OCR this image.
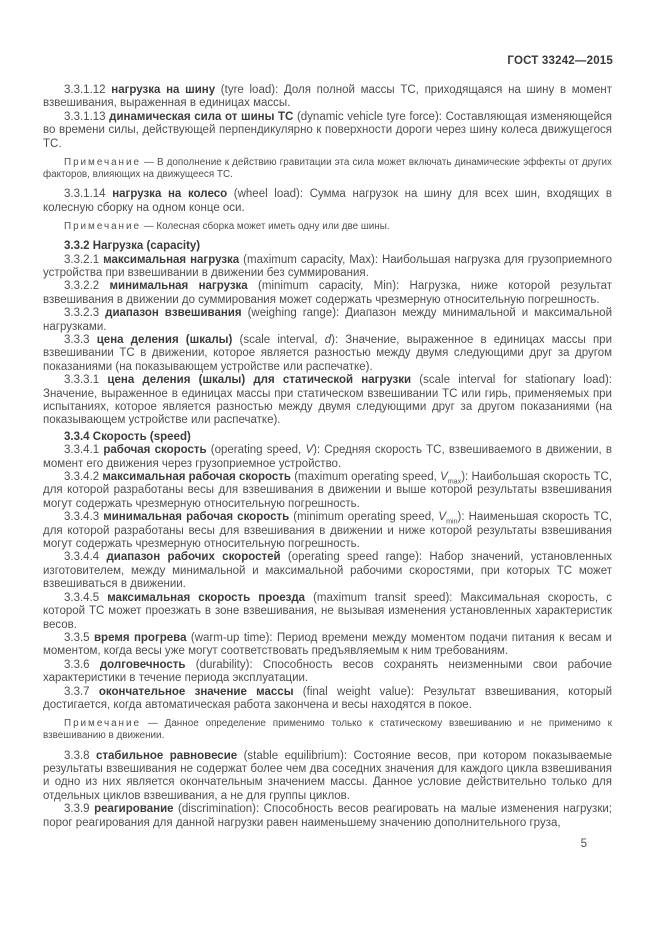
ГОСТ 33242—2015

3.3.1.12 нагрузка на шину (tyre load): Доля полной массы ТС, приходящаяся на шину в момент взвешивания, выраженная в единицах массы.

3.3.1.13 динамическая сила от шины ТС (dynamic vehicle tyre force): Составляющая изменяющейся во времени силы, действующей перпендикулярно к поверхности дороги через шину колеса движущегося ТС.

Примечание — В дополнение к действию гравитации эта сила может включать динамические эффекты от других факторов, влияющих на движущееся ТС.

3.3.1.14 нагрузка на колесо (wheel load): Сумма нагрузок на шину для всех шин, входящих в колесную сборку на одном конце оси.

Примечание — Колесная сборка может иметь одну или две шины.

3.3.2 Нагрузка (capacity)

3.3.2.1 максимальная нагрузка (maximum capacity, Max): Наибольшая нагрузка для грузоприемного устройства при взвешивании в движении без суммирования.

3.3.2.2 минимальная нагрузка (minimum capacity, Min): Нагрузка, ниже которой результат взвешивания в движении до суммирования может содержать чрезмерную относительную погрешность.

3.3.2.3 диапазон взвешивания (weighing range): Диапазон между минимальной и максимальной нагрузками.

3.3.3 цена деления (шкалы) (scale interval, d): Значение, выраженное в единицах массы при взвешивании ТС в движении, которое является разностью между двумя следующими друг за другом показаниями (на показывающем устройстве или распечатке).

3.3.3.1 цена деления (шкалы) для статической нагрузки (scale interval for stationary load): Значение, выраженное в единицах массы при статическом взвешивании ТС или гирь, применяемых при испытаниях, которое является разностью между двумя следующими друг за другом показаниями (на показывающем устройстве или распечатке).

3.3.4 Скорость (speed)

3.3.4.1 рабочая скорость (operating speed, V): Средняя скорость ТС, взвешиваемого в движении, в момент его движения через грузоприемное устройство.

3.3.4.2 максимальная рабочая скорость (maximum operating speed, $V_{max}$): Наибольшая скорость ТС, для которой разработаны весы для взвешивания в движении и выше которой результаты взвешивания могут содержать чрезмерную относительную погрешность.

3.3.4.3 минимальная рабочая скорость (minimum operating speed, $V_{min}$): Наименьшая скорость ТС, для которой разработаны весы для взвешивания в движении и ниже которой результаты взвешивания могут содержать чрезмерную относительную погрешность.

3.3.4.4 диапазон рабочих скоростей (operating speed range): Набор значений, установленных изготовителем, между минимальной и максимальной рабочими скоростями, при которых ТС может взвешиваться в движении.

3.3.4.5 максимальная скорость проезда (maximum transit speed): Максимальная скорость, с которой ТС может проезжать в зоне взвешивания, не вызывая изменения установленных характеристик весов.

3.3.5 время прогрева (warm-up time): Период времени между моментом подачи питания к весам и моментом, когда весы уже могут соответствовать предъявляемым к ним требованиям.

3.3.6 долговечность (durability): Способность весов сохранять неизменными свои рабочие характеристики в течение периода эксплуатации.

3.3.7 окончательное значение массы (final weight value): Результат взвешивания, который достигается, когда автоматическая работа закончена и весы находятся в покое.

Примечание — Данное определение применимо только к статическому взвешиванию и не применимо к взвешиванию в движении.

3.3.8 стабильное равновесие (stable equilibrium): Состояние весов, при котором показываемые результаты взвешивания не содержат более чем два соседних значения для каждого цикла взвешивания и одно из них является окончательным значением массы. Данное условие действительно только для отдельных циклов взвешивания, а не для группы циклов.

3.3.9 реагирование (discrimination): Способность весов реагировать на малые изменения нагрузки; порог реагирования для данной нагрузки равен наименьшему значению дополнительного груза,

5
